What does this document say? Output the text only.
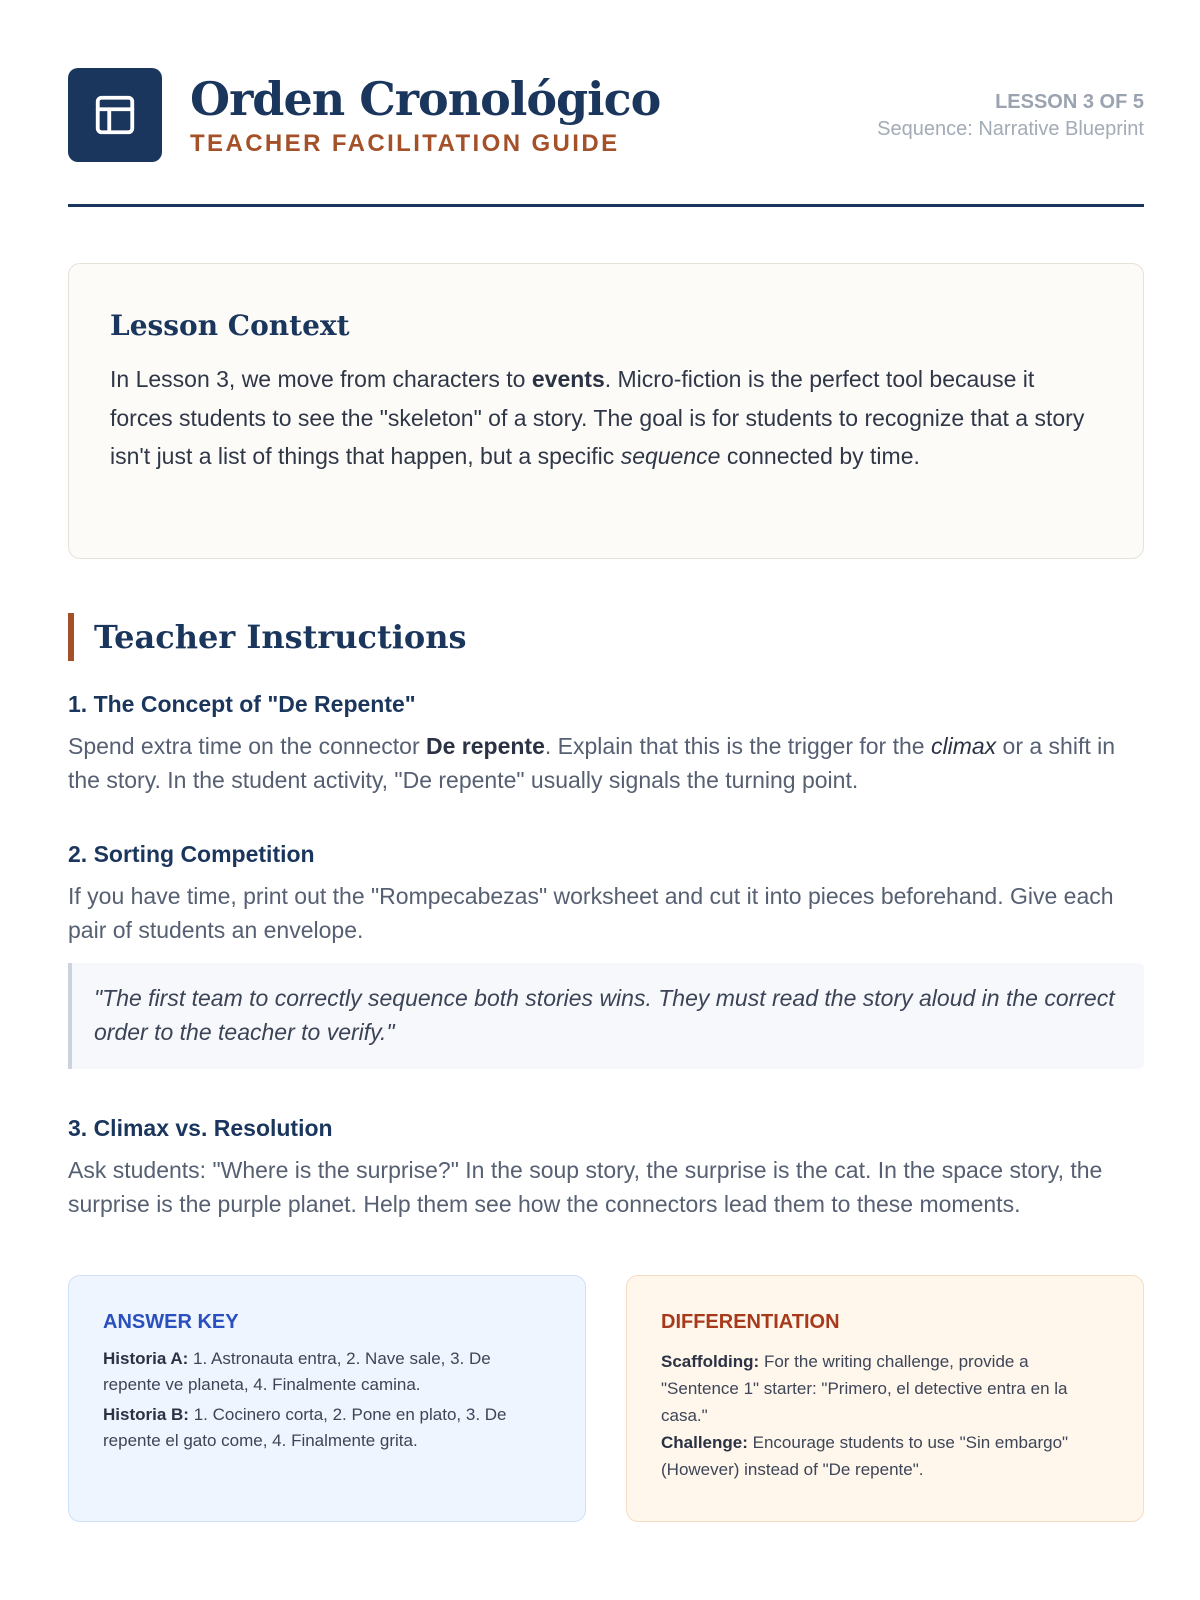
Orden Cronológico
TEACHER FACILITATION GUIDE
LESSON 3 OF 5
Sequence: Narrative Blueprint
Lesson Context

In Lesson 3, we move from characters to events. Micro-fiction is the perfect tool because it forces students to see the "skeleton" of a story. The goal is for students to recognize that a story isn't just a list of things that happen, but a specific sequence connected by time.

Teacher Instructions
1. The Concept of "De Repente"
Spend extra time on the connector De repente. Explain that this is the trigger for the climax or a shift in the story. In the student activity, "De repente" usually signals the turning point.
2. Sorting Competition
If you have time, print out the "Rompecabezas" worksheet and cut it into pieces beforehand. Give each pair of students an envelope.
"The first team to correctly sequence both stories wins. They must read the story aloud in the correct order to the teacher to verify."
3. Climax vs. Resolution
Ask students: "Where is the surprise?" In the soup story, the surprise is the cat. In the space story, the surprise is the purple planet. Help them see how the connectors lead them to these moments.
ANSWER KEY

Historia A: 1. Astronauta entra, 2. Nave sale, 3. De repente ve planeta, 4. Finalmente camina.

Historia B: 1. Cocinero corta, 2. Pone en plato, 3. De repente el gato come, 4. Finalmente grita.

DIFFERENTIATION
Scaffolding: For the writing challenge, provide a "Sentence 1" starter: "Primero, el detective entra en la casa."
Challenge: Encourage students to use "Sin embargo" (However) instead of "De repente".
